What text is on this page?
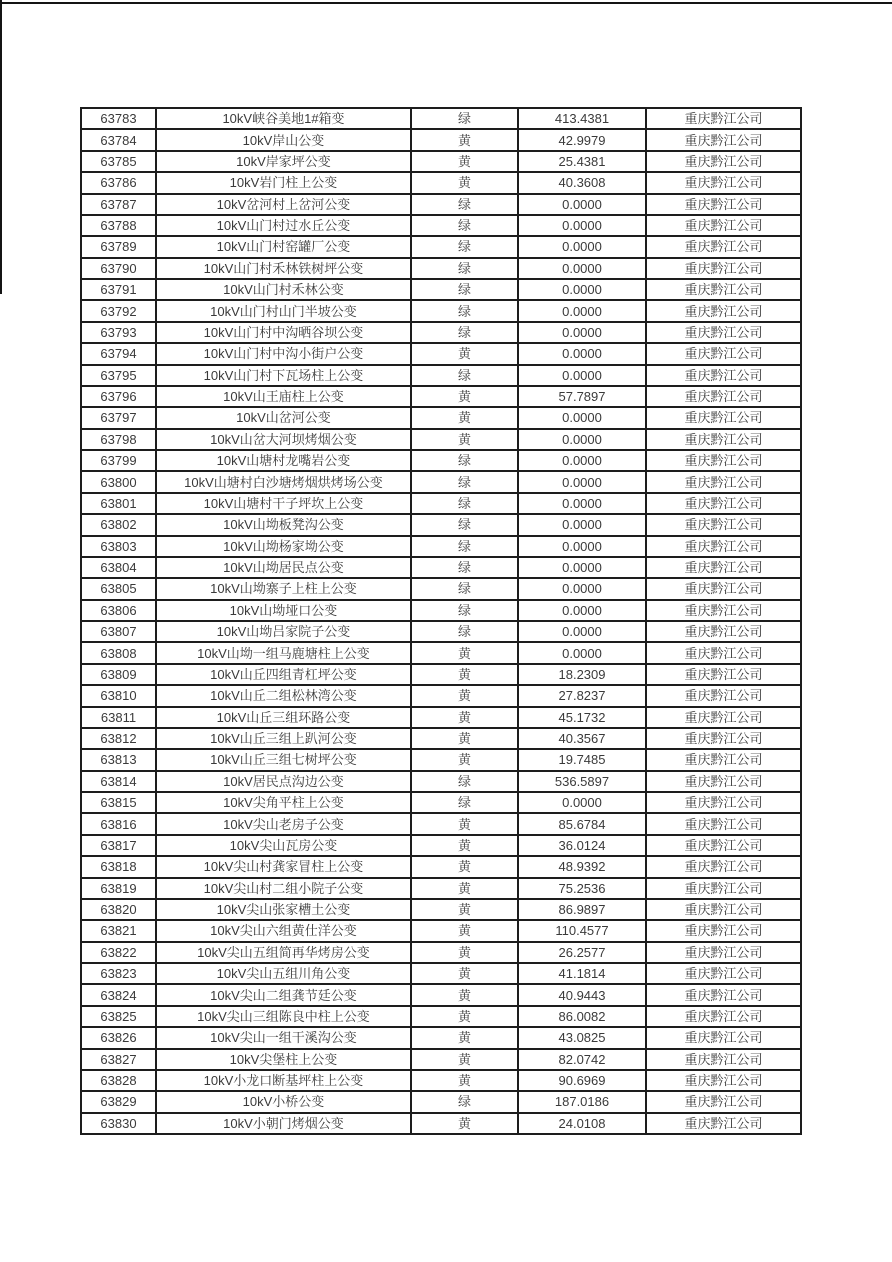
63783	10kV峡谷美地1#箱变	绿	413.4381	重庆黔江公司
63784	10kV岸山公变	黄	42.9979	重庆黔江公司
63785	10kV岸家坪公变	黄	25.4381	重庆黔江公司
63786	10kV岩门柱上公变	黄	40.3608	重庆黔江公司
63787	10kV岔河村上岔河公变	绿	0.0000	重庆黔江公司
63788	10kV山门村过水丘公变	绿	0.0000	重庆黔江公司
63789	10kV山门村窑罐厂公变	绿	0.0000	重庆黔江公司
63790	10kV山门村禾林铁树坪公变	绿	0.0000	重庆黔江公司
63791	10kV山门村禾林公变	绿	0.0000	重庆黔江公司
63792	10kV山门村山门半坡公变	绿	0.0000	重庆黔江公司
63793	10kV山门村中沟晒谷坝公变	绿	0.0000	重庆黔江公司
63794	10kV山门村中沟小街户公变	黄	0.0000	重庆黔江公司
63795	10kV山门村下瓦场柱上公变	绿	0.0000	重庆黔江公司
63796	10kV山王庙柱上公变	黄	57.7897	重庆黔江公司
63797	10kV山岔河公变	黄	0.0000	重庆黔江公司
63798	10kV山岔大河坝烤烟公变	黄	0.0000	重庆黔江公司
63799	10kV山塘村龙嘴岩公变	绿	0.0000	重庆黔江公司
63800	10kV山塘村白沙塘烤烟烘烤场公变	绿	0.0000	重庆黔江公司
63801	10kV山塘村干子坪坎上公变	绿	0.0000	重庆黔江公司
63802	10kV山坳板凳沟公变	绿	0.0000	重庆黔江公司
63803	10kV山坳杨家坳公变	绿	0.0000	重庆黔江公司
63804	10kV山坳居民点公变	绿	0.0000	重庆黔江公司
63805	10kV山坳寨子上柱上公变	绿	0.0000	重庆黔江公司
63806	10kV山坳垭口公变	绿	0.0000	重庆黔江公司
63807	10kV山坳吕家院子公变	绿	0.0000	重庆黔江公司
63808	10kV山坳一组马鹿塘柱上公变	黄	0.0000	重庆黔江公司
63809	10kV山丘四组青杠坪公变	黄	18.2309	重庆黔江公司
63810	10kV山丘二组松林湾公变	黄	27.8237	重庆黔江公司
63811	10kV山丘三组环路公变	黄	45.1732	重庆黔江公司
63812	10kV山丘三组上趴河公变	黄	40.3567	重庆黔江公司
63813	10kV山丘三组七树坪公变	黄	19.7485	重庆黔江公司
63814	10kV居民点沟边公变	绿	536.5897	重庆黔江公司
63815	10kV尖角平柱上公变	绿	0.0000	重庆黔江公司
63816	10kV尖山老房子公变	黄	85.6784	重庆黔江公司
63817	10kV尖山瓦房公变	黄	36.0124	重庆黔江公司
63818	10kV尖山村龚家冒柱上公变	黄	48.9392	重庆黔江公司
63819	10kV尖山村二组小院子公变	黄	75.2536	重庆黔江公司
63820	10kV尖山张家槽土公变	黄	86.9897	重庆黔江公司
63821	10kV尖山六组黄仕洋公变	黄	110.4577	重庆黔江公司
63822	10kV尖山五组简再华烤房公变	黄	26.2577	重庆黔江公司
63823	10kV尖山五组川角公变	黄	41.1814	重庆黔江公司
63824	10kV尖山二组龚节廷公变	黄	40.9443	重庆黔江公司
63825	10kV尖山三组陈良中柱上公变	黄	86.0082	重庆黔江公司
63826	10kV尖山一组干溪沟公变	黄	43.0825	重庆黔江公司
63827	10kV尖堡柱上公变	黄	82.0742	重庆黔江公司
63828	10kV小龙口断基坪柱上公变	黄	90.6969	重庆黔江公司
63829	10kV小桥公变	绿	187.0186	重庆黔江公司
63830	10kV小朝门烤烟公变	黄	24.0108	重庆黔江公司
